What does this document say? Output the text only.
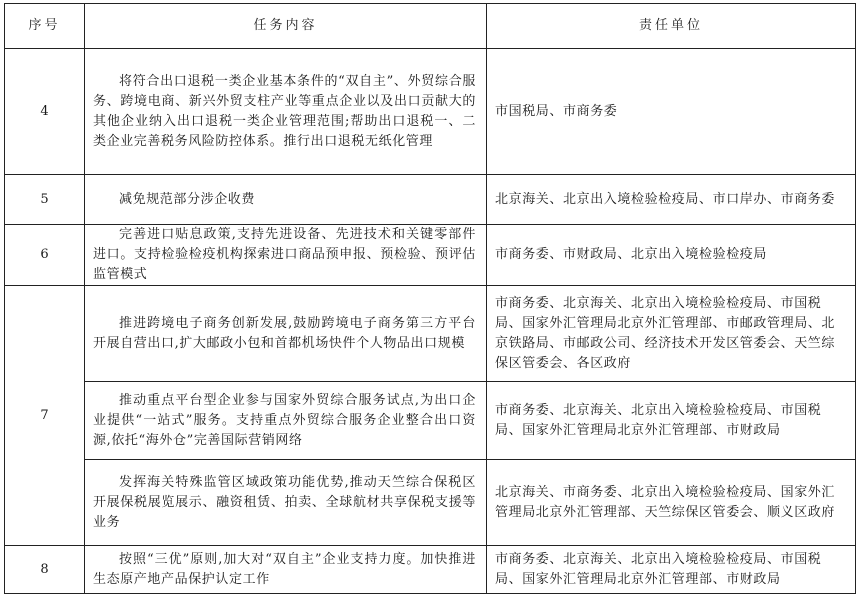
序号	任务内容	责任单位
4	将符合出口退税一类企业基本条件的“双自主”、外贸综合服务、跨境电商、新兴外贸支柱产业等重点企业以及出口贡献大的其他企业纳入出口退税一类企业管理范围;帮助出口退税一、二类企业完善税务风险防控体系。推行出口退税无纸化管理	市国税局、市商务委
5	减免规范部分涉企收费	北京海关、北京出入境检验检疫局、市口岸办、市商务委
6	完善进口贴息政策,支持先进设备、先进技术和关键零部件进口。支持检验检疫机构探索进口商品预申报、预检验、预评估监管模式	市商务委、市财政局、北京出入境检验检疫局
7	推进跨境电子商务创新发展,鼓励跨境电子商务第三方平台开展自营出口,扩大邮政小包和首都机场快件个人物品出口规模	市商务委、北京海关、北京出入境检验检疫局、市国税局、国家外汇管理局北京外汇管理部、市邮政管理局、北京铁路局、市邮政公司、经济技术开发区管委会、天竺综保区管委会、各区政府
	推动重点平台型企业参与国家外贸综合服务试点,为出口企业提供“一站式”服务。支持重点外贸综合服务企业整合出口资源,依托“海外仓”完善国际营销网络	市商务委、北京海关、北京出入境检验检疫局、市国税局、国家外汇管理局北京外汇管理部、市财政局
	发挥海关特殊监管区域政策功能优势,推动天竺综合保税区开展保税展览展示、融资租赁、拍卖、全球航材共享保税支援等业务	北京海关、市商务委、北京出入境检验检疫局、国家外汇管理局北京外汇管理部、天竺综保区管委会、顺义区政府
8	按照“三优”原则,加大对“双自主”企业支持力度。加快推进生态原产地产品保护认定工作	市商务委、北京海关、北京出入境检验检疫局、市国税局、国家外汇管理局北京外汇管理部、市财政局
